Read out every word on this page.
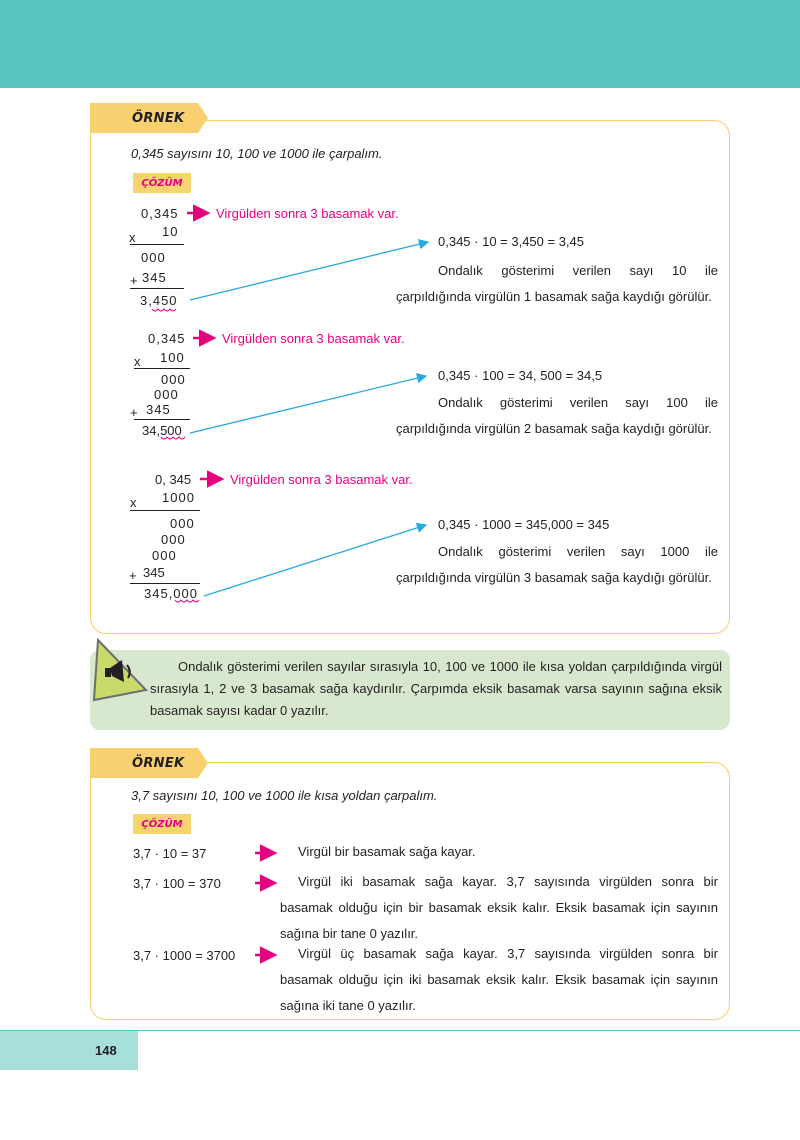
ÖRNEK
0,345 sayısını 10, 100 ve 1000 ile çarpalım.
ÇÖZÜM
0,345	Virgülden sonra 3 basamak var.
x 10
000
+ 345
3,450
0,345 · 10 = 3,450 = 3,45
Ondalık gösterimi verilen sayı 10 ile çarpıldığında virgülün 1 basamak sağa kaydığı görülür.
0,345	Virgülden sonra 3 basamak var.
x 100
000
000
+ 345
34,500
0,345 · 100 = 34, 500 = 34,5
Ondalık gösterimi verilen sayı 100 ile çarpıldığında virgülün 2 basamak sağa kaydığı görülür.
0, 345	Virgülden sonra 3 basamak var.
x 1000
000
000
000
+ 345
345,000
0,345 · 1000 = 345,000 = 345
Ondalık gösterimi verilen sayı 1000 ile çarpıldığında virgülün 3 basamak sağa kaydığı görülür.
Ondalık gösterimi verilen sayılar sırasıyla 10, 100 ve 1000 ile kısa yoldan çarpıldığında virgül sırasıyla 1, 2 ve 3 basamak sağa kaydırılır. Çarpımda eksik basamak varsa sayının sağına eksik basamak sayısı kadar 0 yazılır.
ÖRNEK
3,7 sayısını 10, 100 ve 1000 ile kısa yoldan çarpalım.
ÇÖZÜM
3,7 · 10 = 37	Virgül bir basamak sağa kayar.
3,7 · 100 = 370	Virgül iki basamak sağa kayar. 3,7 sayısında virgülden sonra bir basamak olduğu için bir basamak eksik kalır. Eksik basamak için sayının sağına bir tane 0 yazılır.
3,7 · 1000 = 3700	Virgül üç basamak sağa kayar. 3,7 sayısında virgülden sonra bir basamak olduğu için iki basamak eksik kalır. Eksik basamak için sayının sağına iki tane 0 yazılır.
148
